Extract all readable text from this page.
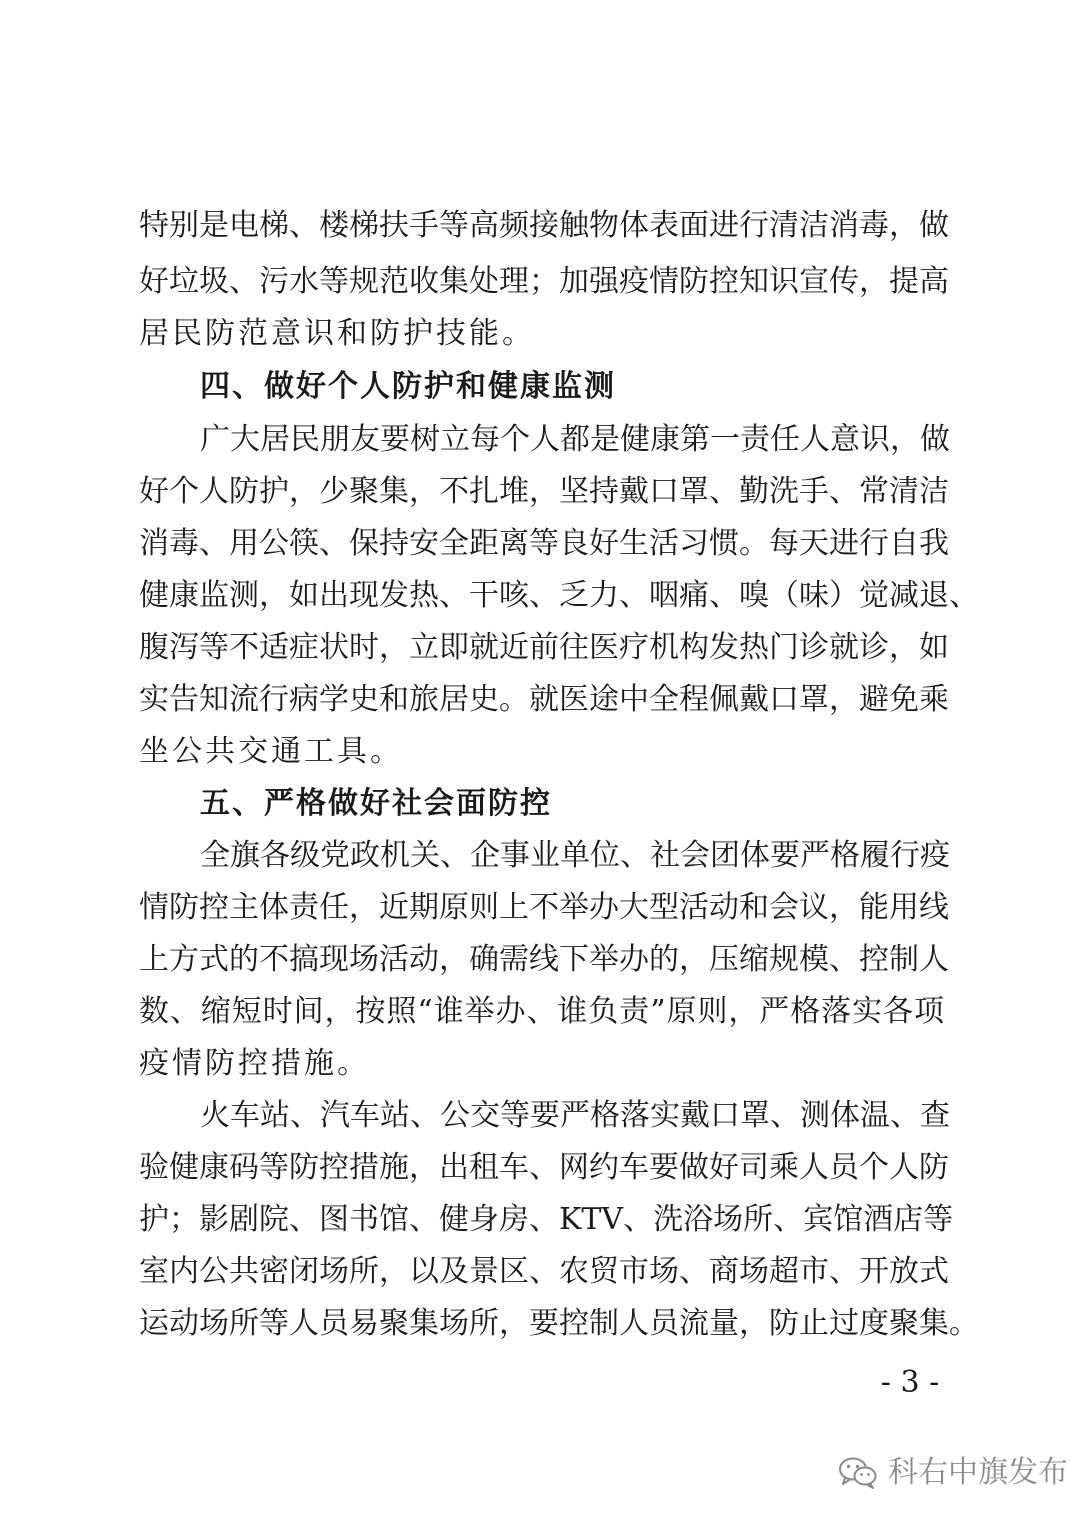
特别是电梯、楼梯扶手等高频接触物体表面进行清洁消毒，做
好垃圾、污水等规范收集处理；加强疫情防控知识宣传，提高
居民防范意识和防护技能。
四、做好个人防护和健康监测
广大居民朋友要树立每个人都是健康第一责任人意识，做
好个人防护，少聚集，不扎堆，坚持戴口罩、勤洗手、常清洁
消毒、用公筷、保持安全距离等良好生活习惯。每天进行自我
健康监测，如出现发热、干咳、乏力、咽痛、嗅（味）觉减退、
腹泻等不适症状时，立即就近前往医疗机构发热门诊就诊，如
实告知流行病学史和旅居史。就医途中全程佩戴口罩，避免乘
坐公共交通工具。
五、严格做好社会面防控
全旗各级党政机关、企事业单位、社会团体要严格履行疫
情防控主体责任，近期原则上不举办大型活动和会议，能用线
上方式的不搞现场活动，确需线下举办的，压缩规模、控制人
数、缩短时间，按照“谁举办、谁负责”原则，严格落实各项
疫情防控措施。
火车站、汽车站、公交等要严格落实戴口罩、测体温、查
验健康码等防控措施，出租车、网约车要做好司乘人员个人防
护；影剧院、图书馆、健身房、KTV、洗浴场所、宾馆酒店等
室内公共密闭场所，以及景区、农贸市场、商场超市、开放式
运动场所等人员易聚集场所，要控制人员流量，防止过度聚集。
- 3 -
科右中旗发布
